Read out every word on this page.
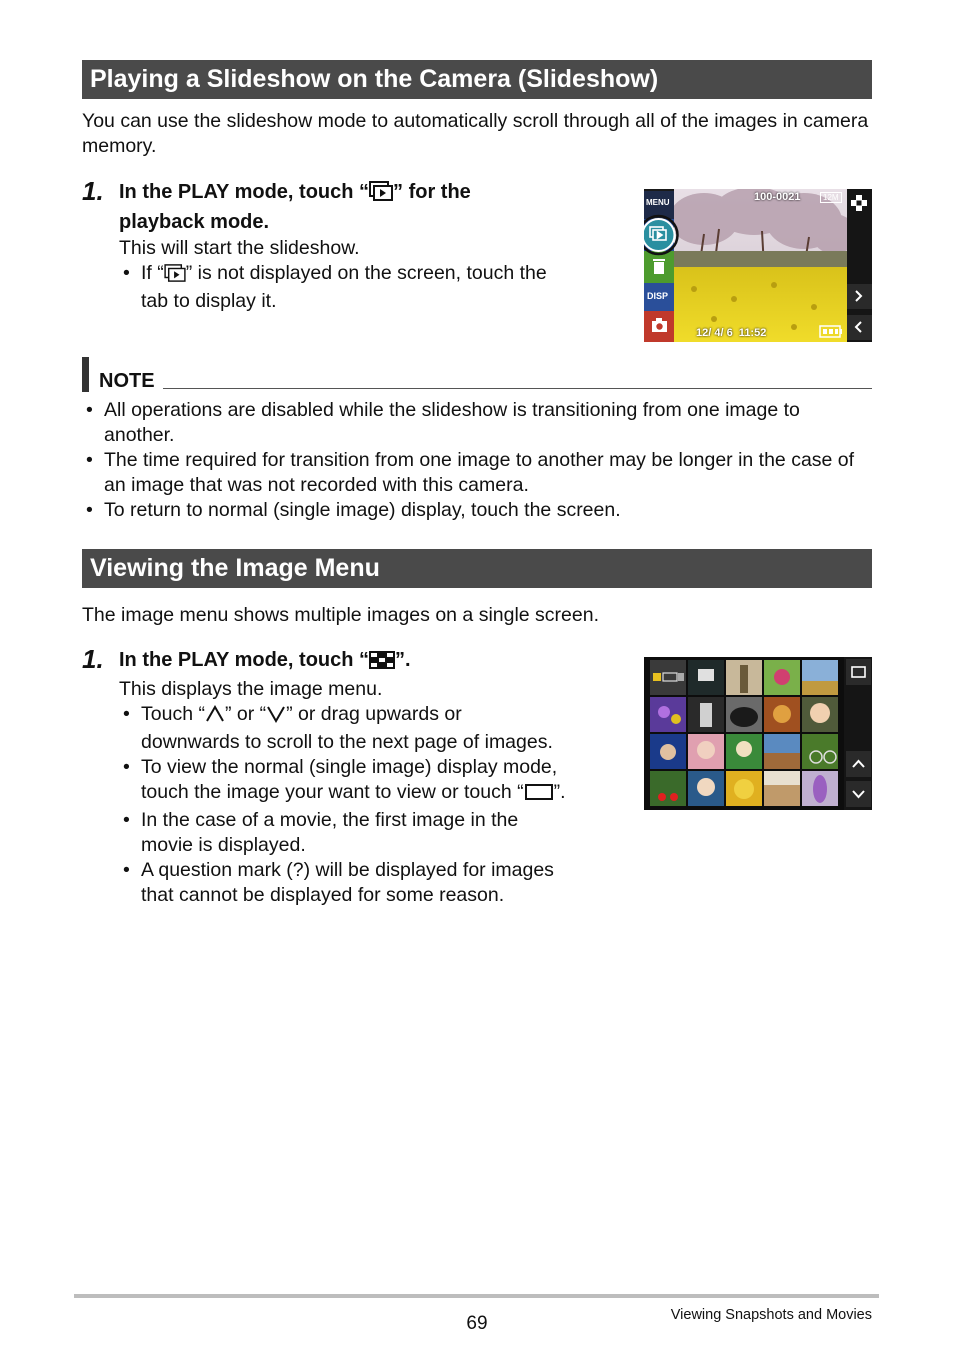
Playing a Slideshow on the Camera (Slideshow)
You can use the slideshow mode to automatically scroll through all of the images in camera memory.
1. In the PLAY mode, touch “ ” for the
playback mode.
This will start the slideshow.
• If “ ” is not displayed on the screen, touch the
tab to display it.
MENU
DISP
100-0021	12M
12/ 4/ 6  11:52
NOTE
• All operations are disabled while the slideshow is transitioning from one image to another.
• The time required for transition from one image to another may be longer in the case of an image that was not recorded with this camera.
• To return to normal (single image) display, touch the screen.
Viewing the Image Menu
The image menu shows multiple images on a single screen.
1. In the PLAY mode, touch “ ”.
This displays the image menu.
• Touch “ ” or “ ” or drag upwards or
downwards to scroll to the next page of images.
• To view the normal (single image) display mode,
touch the image your want to view or touch “ ”.
• In the case of a movie, the first image in the
movie is displayed.
• A question mark (?) will be displayed for images
that cannot be displayed for some reason.
69	Viewing Snapshots and Movies
